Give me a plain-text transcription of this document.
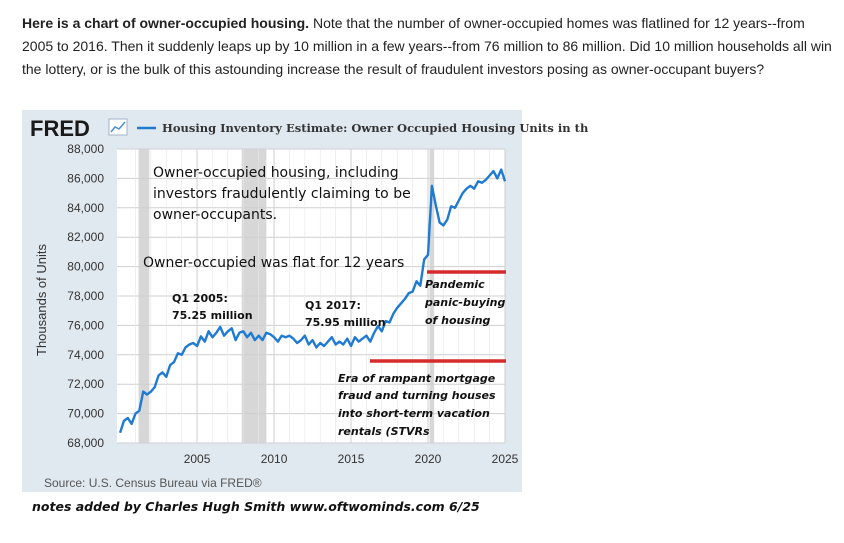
Here is a chart of owner-occupied housing. Note that the number of owner-occupied homes was flatlined for 12 years--from 2005 to 2016. Then it suddenly leaps up by 10 million in a few years--from 76 million to 86 million. Did 10 million households all win the lottery, or is the bulk of this astounding increase the result of fraudulent investors posing as owner-occupant buyers?
FRED	Housing Inventory Estimate: Owner Occupied Housing Units in th
68,000
70,000
72,000
74,000
76,000
78,000
80,000
82,000
84,000
86,000
88,000
2005	2010	2015	2020	2025
Thousands of Units
Owner-occupied housing, including
investors fraudulently claiming to be
owner-occupants.
Owner-occupied was flat for 12 years
Q1 2005:
75.25 million
Q1 2017:
75.95 million
Pandemic
panic-buying
of housing
Era of rampant mortgage
fraud and turning houses
into short-term vacation
rentals (STVRs
Source: U.S. Census Bureau via FRED®
notes added by Charles Hugh Smith www.oftwominds.com 6/25
